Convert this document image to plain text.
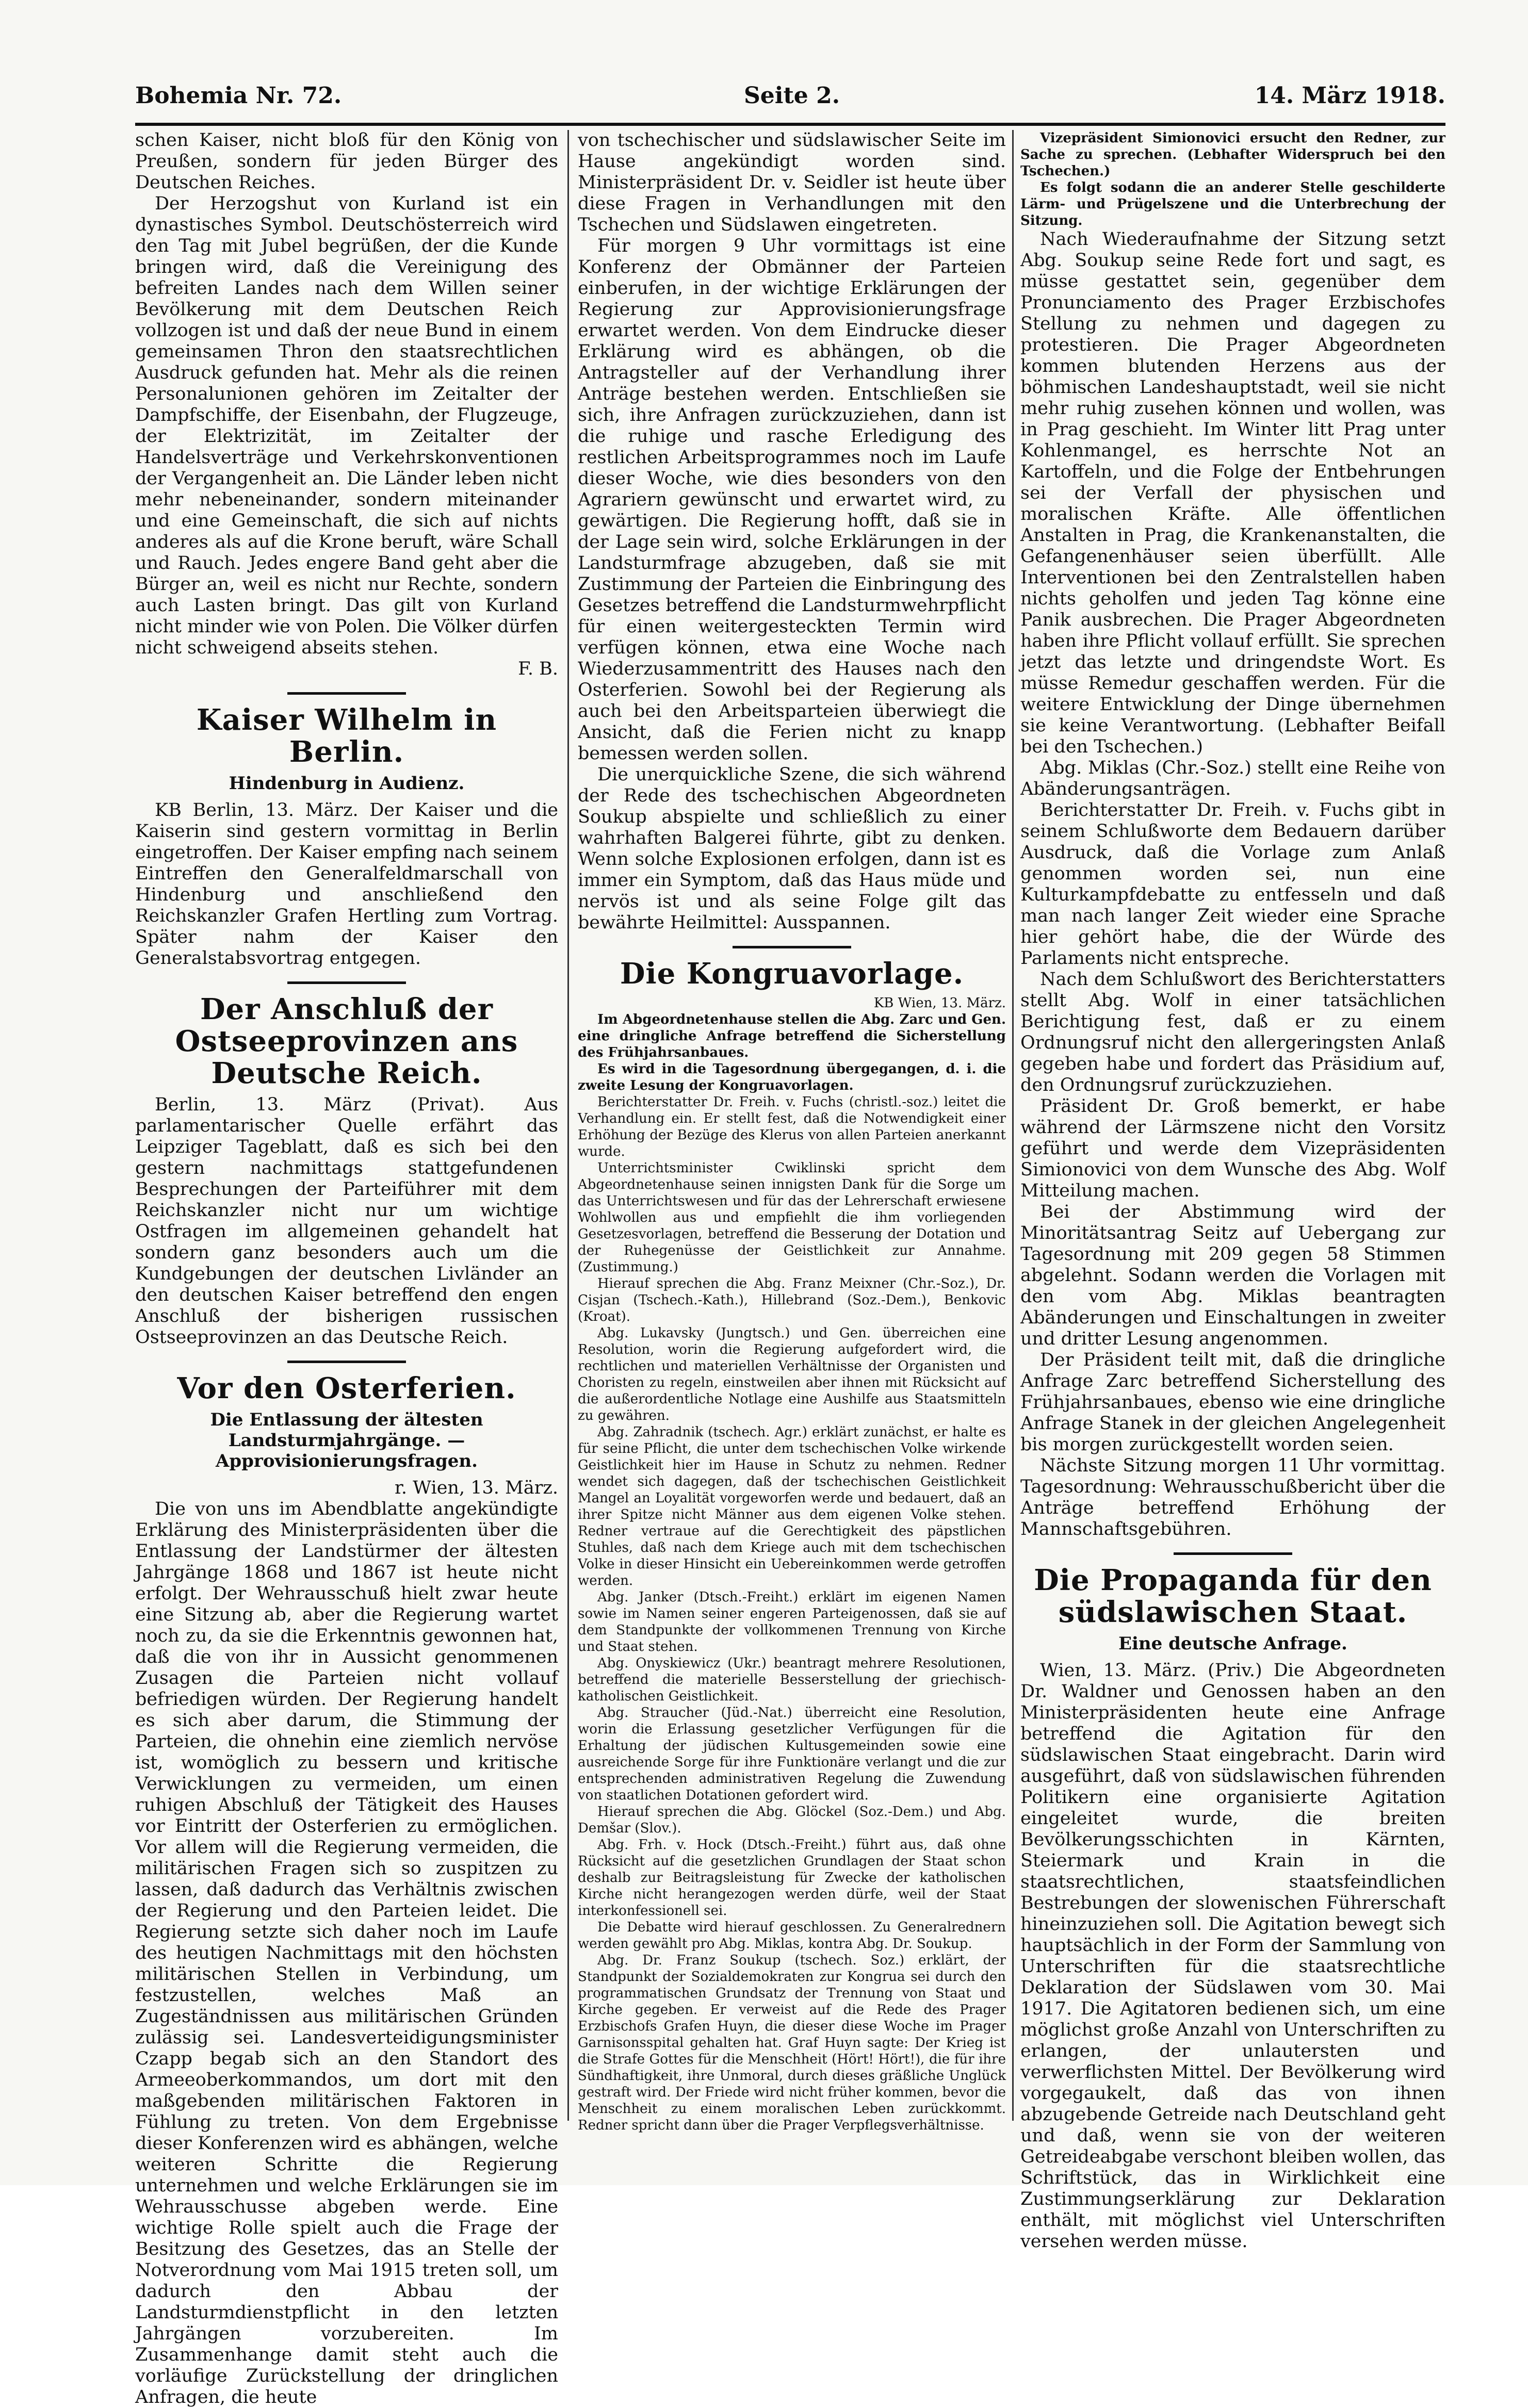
Bohemia Nr. 72.	Seite 2.	14. März 1918.

schen Kaiser, nicht bloß für den König von Preußen, sondern für jeden Bürger des Deutschen Reiches.

Der Herzogshut von Kurland ist ein dynastisches Symbol. Deutschösterreich wird den Tag mit Jubel begrüßen, der die Kunde bringen wird, daß die Vereinigung des befreiten Landes nach dem Willen seiner Bevölkerung mit dem Deutschen Reich vollzogen ist und daß der neue Bund in einem gemeinsamen Thron den staatsrechtlichen Ausdruck gefunden hat. Mehr als die reinen Personalunionen gehören im Zeitalter der Dampfschiffe, der Eisenbahn, der Flugzeuge, der Elektrizität, im Zeitalter der Handelsverträge und Verkehrskonventionen der Vergangenheit an. Die Länder leben nicht mehr nebeneinander, sondern miteinander und eine Gemeinschaft, die sich auf nichts anderes als auf die Krone beruft, wäre Schall und Rauch. Jedes engere Band geht aber die Bürger an, weil es nicht nur Rechte, sondern auch Lasten bringt. Das gilt von Kurland nicht minder wie von Polen. Die Völker dürfen nicht schweigend abseits stehen.

F. B.

Kaiser Wilhelm in Berlin.
Hindenburg in Audienz.

KB Berlin, 13. März. Der Kaiser und die Kaiserin sind gestern vormittag in Berlin eingetroffen. Der Kaiser empfing nach seinem Eintreffen den Generalfeldmarschall von Hindenburg und anschließend den Reichskanzler Grafen Hertling zum Vortrag. Später nahm der Kaiser den Generalstabsvortrag entgegen.

Der Anschluß der Ostseeprovinzen ans Deutsche Reich.

Berlin, 13. März (Privat). Aus parlamentarischer Quelle erfährt das Leipziger Tageblatt, daß es sich bei den gestern nachmittags stattgefundenen Besprechungen der Parteiführer mit dem Reichskanzler nicht nur um wichtige Ostfragen im allgemeinen gehandelt hat sondern ganz besonders auch um die Kundgebungen der deutschen Livländer an den deutschen Kaiser betreffend den engen Anschluß der bisherigen russischen Ostseeprovinzen an das Deutsche Reich.

Vor den Osterferien.
Die Entlassung der ältesten Landsturmjahrgänge. — Approvisionierungsfragen.

r. Wien, 13. März.

Die von uns im Abendblatte angekündigte Erklärung des Ministerpräsidenten über die Entlassung der Landstürmer der ältesten Jahrgänge 1868 und 1867 ist heute nicht erfolgt. Der Wehrausschuß hielt zwar heute eine Sitzung ab, aber die Regierung wartet noch zu, da sie die Erkenntnis gewonnen hat, daß die von ihr in Aussicht genommenen Zusagen die Parteien nicht vollauf befriedigen würden. Der Regierung handelt es sich aber darum, die Stimmung der Parteien, die ohnehin eine ziemlich nervöse ist, womöglich zu bessern und kritische Verwicklungen zu vermeiden, um einen ruhigen Abschluß der Tätigkeit des Hauses vor Eintritt der Osterferien zu ermöglichen. Vor allem will die Regierung vermeiden, die militärischen Fragen sich so zuspitzen zu lassen, daß dadurch das Verhältnis zwischen der Regierung und den Parteien leidet. Die Regierung setzte sich daher noch im Laufe des heutigen Nachmittags mit den höchsten militärischen Stellen in Verbindung, um festzustellen, welches Maß an Zugeständnissen aus militärischen Gründen zulässig sei. Landesverteidigungsminister Czapp begab sich an den Standort des Armeeoberkommandos, um dort mit den maßgebenden militärischen Faktoren in Fühlung zu treten. Von dem Ergebnisse dieser Konferenzen wird es abhängen, welche weiteren Schritte die Regierung unternehmen und welche Erklärungen sie im Wehrausschusse abgeben werde. Eine wichtige Rolle spielt auch die Frage der Besitzung des Gesetzes, das an Stelle der Notverordnung vom Mai 1915 treten soll, um dadurch den Abbau der Landsturmdienstpflicht in den letzten Jahrgängen vorzubereiten. Im Zusammenhange damit steht auch die vorläufige Zurückstellung der dringlichen Anfragen, die heute

von tschechischer und südslawischer Seite im Hause angekündigt worden sind. Ministerpräsident Dr. v. Seidler ist heute über diese Fragen in Verhandlungen mit den Tschechen und Südslawen eingetreten.

Für morgen 9 Uhr vormittags ist eine Konferenz der Obmänner der Parteien einberufen, in der wichtige Erklärungen der Regierung zur Approvisionierungsfrage erwartet werden. Von dem Eindrucke dieser Erklärung wird es abhängen, ob die Antragsteller auf der Verhandlung ihrer Anträge bestehen werden. Entschließen sie sich, ihre Anfragen zurückzuziehen, dann ist die ruhige und rasche Erledigung des restlichen Arbeitsprogrammes noch im Laufe dieser Woche, wie dies besonders von den Agrariern gewünscht und erwartet wird, zu gewärtigen. Die Regierung hofft, daß sie in der Lage sein wird, solche Erklärungen in der Landsturmfrage abzugeben, daß sie mit Zustimmung der Parteien die Einbringung des Gesetzes betreffend die Landsturmwehrpflicht für einen weitergesteckten Termin wird verfügen können, etwa eine Woche nach Wiederzusammentritt des Hauses nach den Osterferien. Sowohl bei der Regierung als auch bei den Arbeitsparteien überwiegt die Ansicht, daß die Ferien nicht zu knapp bemessen werden sollen.

Die unerquickliche Szene, die sich während der Rede des tschechischen Abgeordneten Soukup abspielte und schließlich zu einer wahrhaften Balgerei führte, gibt zu denken. Wenn solche Explosionen erfolgen, dann ist es immer ein Symptom, daß das Haus müde und nervös ist und als seine Folge gilt das bewährte Heilmittel: Ausspannen.

Die Kongruavorlage.

KB Wien, 13. März.

Im Abgeordnetenhause stellen die Abg. Zarc und Gen. eine dringliche Anfrage betreffend die Sicherstellung des Frühjahrsanbaues.

Es wird in die Tagesordnung übergegangen, d. i. die zweite Lesung der Kongruavorlagen.

Berichterstatter Dr. Freih. v. Fuchs (christl.-soz.) leitet die Verhandlung ein. Er stellt fest, daß die Notwendigkeit einer Erhöhung der Bezüge des Klerus von allen Parteien anerkannt wurde.

Unterrichtsminister Cwiklinski spricht dem Abgeordnetenhause seinen innigsten Dank für die Sorge um das Unterrichtswesen und für das der Lehrerschaft erwiesene Wohlwollen aus und empfiehlt die ihm vorliegenden Gesetzesvorlagen, betreffend die Besserung der Dotation und der Ruhegenüsse der Geistlichkeit zur Annahme. (Zustimmung.)

Hierauf sprechen die Abg. Franz Meixner (Chr.-Soz.), Dr. Cisjan (Tschech.-Kath.), Hillebrand (Soz.-Dem.), Benkovic (Kroat).

Abg. Lukavsky (Jungtsch.) und Gen. überreichen eine Resolution, worin die Regierung aufgefordert wird, die rechtlichen und materiellen Verhältnisse der Organisten und Choristen zu regeln, einstweilen aber ihnen mit Rücksicht auf die außerordentliche Notlage eine Aushilfe aus Staatsmitteln zu gewähren.

Abg. Zahradnik (tschech. Agr.) erklärt zunächst, er halte es für seine Pflicht, die unter dem tschechischen Volke wirkende Geistlichkeit hier im Hause in Schutz zu nehmen. Redner wendet sich dagegen, daß der tschechischen Geistlichkeit Mangel an Loyalität vorgeworfen werde und bedauert, daß an ihrer Spitze nicht Männer aus dem eigenen Volke stehen. Redner vertraue auf die Gerechtigkeit des päpstlichen Stuhles, daß nach dem Kriege auch mit dem tschechischen Volke in dieser Hinsicht ein Uebereinkommen werde getroffen werden.

Abg. Janker (Dtsch.-Freiht.) erklärt im eigenen Namen sowie im Namen seiner engeren Parteigenossen, daß sie auf dem Standpunkte der vollkommenen Trennung von Kirche und Staat stehen.

Abg. Onyskiewicz (Ukr.) beantragt mehrere Resolutionen, betreffend die materielle Besserstellung der griechisch-katholischen Geistlichkeit.

Abg. Straucher (Jüd.-Nat.) überreicht eine Resolution, worin die Erlassung gesetzlicher Verfügungen für die Erhaltung der jüdischen Kultusgemeinden sowie eine ausreichende Sorge für ihre Funktionäre verlangt und die zur entsprechenden administrativen Regelung die Zuwendung von staatlichen Dotationen gefordert wird.

Hierauf sprechen die Abg. Glöckel (Soz.-Dem.) und Abg. Demšar (Slov.).

Abg. Frh. v. Hock (Dtsch.-Freiht.) führt aus, daß ohne Rücksicht auf die gesetzlichen Grundlagen der Staat schon deshalb zur Beitragsleistung für Zwecke der katholischen Kirche nicht herangezogen werden dürfe, weil der Staat interkonfessionell sei.

Die Debatte wird hierauf geschlossen. Zu Generalrednern werden gewählt pro Abg. Miklas, kontra Abg. Dr. Soukup.

Abg. Dr. Franz Soukup (tschech. Soz.) erklärt, der Standpunkt der Sozialdemokraten zur Kongrua sei durch den programmatischen Grundsatz der Trennung von Staat und Kirche gegeben. Er verweist auf die Rede des Prager Erzbischofs Grafen Huyn, die dieser diese Woche im Prager Garnisonsspital gehalten hat. Graf Huyn sagte: Der Krieg ist die Strafe Gottes für die Menschheit (Hört! Hört!), die für ihre Sündhaftigkeit, ihre Unmoral, durch dieses gräßliche Unglück gestraft wird. Der Friede wird nicht früher kommen, bevor die Menschheit zu einem moralischen Leben zurückkommt. Redner spricht dann über die Prager Verpflegsverhältnisse.

Vizepräsident Simionovici ersucht den Redner, zur Sache zu sprechen. (Lebhafter Widerspruch bei den Tschechen.)

Es folgt sodann die an anderer Stelle geschilderte Lärm- und Prügelszene und die Unterbrechung der Sitzung.

Nach Wiederaufnahme der Sitzung setzt Abg. Soukup seine Rede fort und sagt, es müsse gestattet sein, gegenüber dem Pronunciamento des Prager Erzbischofes Stellung zu nehmen und dagegen zu protestieren. Die Prager Abgeordneten kommen blutenden Herzens aus der böhmischen Landeshauptstadt, weil sie nicht mehr ruhig zusehen können und wollen, was in Prag geschieht. Im Winter litt Prag unter Kohlenmangel, es herrschte Not an Kartoffeln, und die Folge der Entbehrungen sei der Verfall der physischen und moralischen Kräfte. Alle öffentlichen Anstalten in Prag, die Krankenanstalten, die Gefangenenhäuser seien überfüllt. Alle Interventionen bei den Zentralstellen haben nichts geholfen und jeden Tag könne eine Panik ausbrechen. Die Prager Abgeordneten haben ihre Pflicht vollauf erfüllt. Sie sprechen jetzt das letzte und dringendste Wort. Es müsse Remedur geschaffen werden. Für die weitere Entwicklung der Dinge übernehmen sie keine Verantwortung. (Lebhafter Beifall bei den Tschechen.)

Abg. Miklas (Chr.-Soz.) stellt eine Reihe von Abänderungsanträgen.

Berichterstatter Dr. Freih. v. Fuchs gibt in seinem Schlußworte dem Bedauern darüber Ausdruck, daß die Vorlage zum Anlaß genommen worden sei, nun eine Kulturkampfdebatte zu entfesseln und daß man nach langer Zeit wieder eine Sprache hier gehört habe, die der Würde des Parlaments nicht entspreche.

Nach dem Schlußwort des Berichterstatters stellt Abg. Wolf in einer tatsächlichen Berichtigung fest, daß er zu einem Ordnungsruf nicht den allergeringsten Anlaß gegeben habe und fordert das Präsidium auf, den Ordnungsruf zurückzuziehen.

Präsident Dr. Groß bemerkt, er habe während der Lärmszene nicht den Vorsitz geführt und werde dem Vizepräsidenten Simionovici von dem Wunsche des Abg. Wolf Mitteilung machen.

Bei der Abstimmung wird der Minoritätsantrag Seitz auf Uebergang zur Tagesordnung mit 209 gegen 58 Stimmen abgelehnt. Sodann werden die Vorlagen mit den vom Abg. Miklas beantragten Abänderungen und Einschaltungen in zweiter und dritter Lesung angenommen.

Der Präsident teilt mit, daß die dringliche Anfrage Zarc betreffend Sicherstellung des Frühjahrsanbaues, ebenso wie eine dringliche Anfrage Stanek in der gleichen Angelegenheit bis morgen zurückgestellt worden seien.

Nächste Sitzung morgen 11 Uhr vormittag. Tagesordnung: Wehrausschußbericht über die Anträge betreffend Erhöhung der Mannschaftsgebühren.

Die Propaganda für den südslawischen Staat.
Eine deutsche Anfrage.

Wien, 13. März. (Priv.) Die Abgeordneten Dr. Waldner und Genossen haben an den Ministerpräsidenten heute eine Anfrage betreffend die Agitation für den südslawischen Staat eingebracht. Darin wird ausgeführt, daß von südslawischen führenden Politikern eine organisierte Agitation eingeleitet wurde, die breiten Bevölkerungsschichten in Kärnten, Steiermark und Krain in die staatsrechtlichen, staatsfeindlichen Bestrebungen der slowenischen Führerschaft hineinzuziehen soll. Die Agitation bewegt sich hauptsächlich in der Form der Sammlung von Unterschriften für die staatsrechtliche Deklaration der Südslawen vom 30. Mai 1917. Die Agitatoren bedienen sich, um eine möglichst große Anzahl von Unterschriften zu erlangen, der unlautersten und verwerflichsten Mittel. Der Bevölkerung wird vorgegaukelt, daß das von ihnen abzugebende Getreide nach Deutschland geht und daß, wenn sie von der weiteren Getreideabgabe verschont bleiben wollen, das Schriftstück, das in Wirklichkeit eine Zustimmungserklärung zur Deklaration enthält, mit möglichst viel Unterschriften versehen werden müsse.
